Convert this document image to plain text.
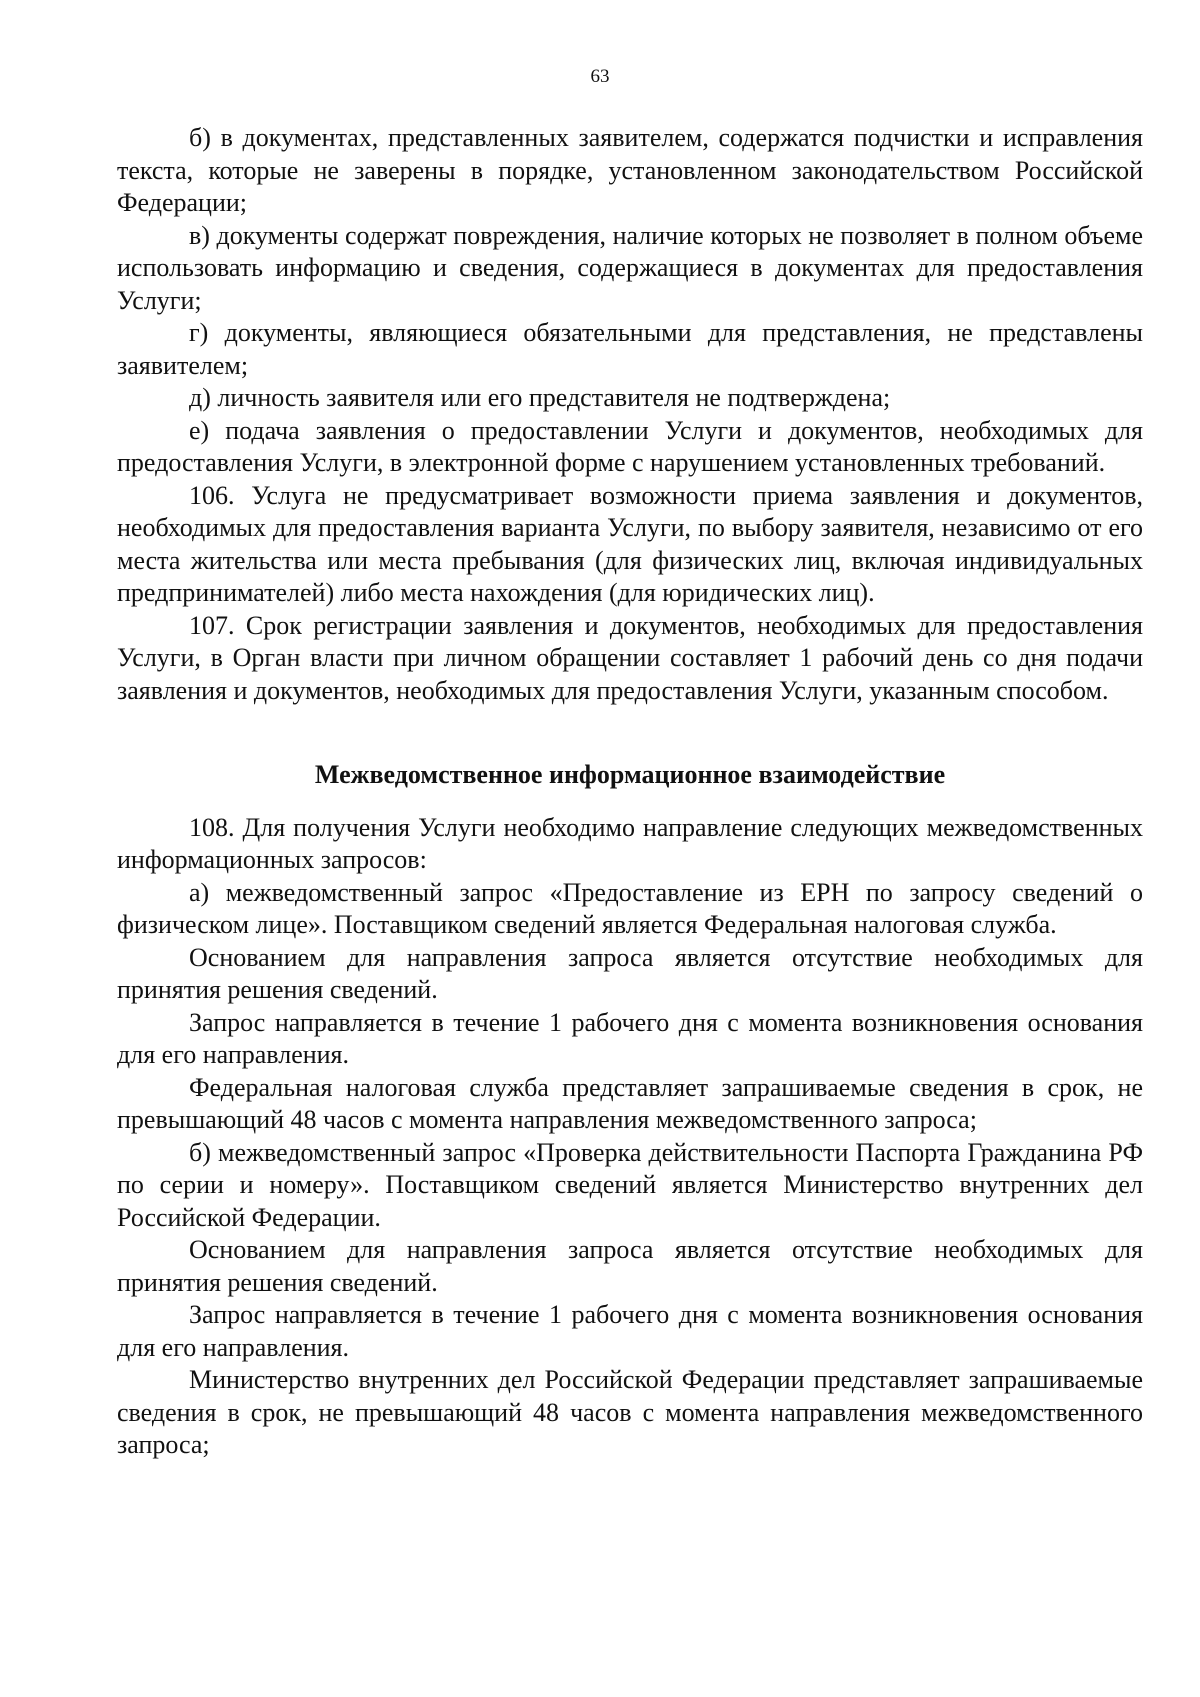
63

б) в документах, представленных заявителем, содержатся подчистки и исправления текста, которые не заверены в порядке, установленном законодательством Российской Федерации;

в) документы содержат повреждения, наличие которых не позволяет в полном объеме использовать информацию и сведения, содержащиеся в документах для предоставления Услуги;

г) документы, являющиеся обязательными для представления, не представлены заявителем;

д) личность заявителя или его представителя не подтверждена;

е) подача заявления о предоставлении Услуги и документов, необходимых для предоставления Услуги, в электронной форме с нарушением установленных требований.

106. Услуга не предусматривает возможности приема заявления и документов, необходимых для предоставления варианта Услуги, по выбору заявителя, независимо от его места жительства или места пребывания (для физических лиц, включая индивидуальных предпринимателей) либо места нахождения (для юридических лиц).

107. Срок регистрации заявления и документов, необходимых для предоставления Услуги, в Орган власти при личном обращении составляет 1 рабочий день со дня подачи заявления и документов, необходимых для предоставления Услуги, указанным способом.

Межведомственное информационное взаимодействие

108. Для получения Услуги необходимо направление следующих межведомственных информационных запросов:

а) межведомственный запрос «Предоставление из ЕРН по запросу сведений о физическом лице». Поставщиком сведений является Федеральная налоговая служба.

Основанием для направления запроса является отсутствие необходимых для принятия решения сведений.

Запрос направляется в течение 1 рабочего дня с момента возникновения основания для его направления.

Федеральная налоговая служба представляет запрашиваемые сведения в срок, не превышающий 48 часов с момента направления межведомственного запроса;

б) межведомственный запрос «Проверка действительности Паспорта Гражданина РФ по серии и номеру». Поставщиком сведений является Министерство внутренних дел Российской Федерации.

Основанием для направления запроса является отсутствие необходимых для принятия решения сведений.

Запрос направляется в течение 1 рабочего дня с момента возникновения основания для его направления.

Министерство внутренних дел Российской Федерации представляет запрашиваемые сведения в срок, не превышающий 48 часов с момента направления межведомственного запроса;
